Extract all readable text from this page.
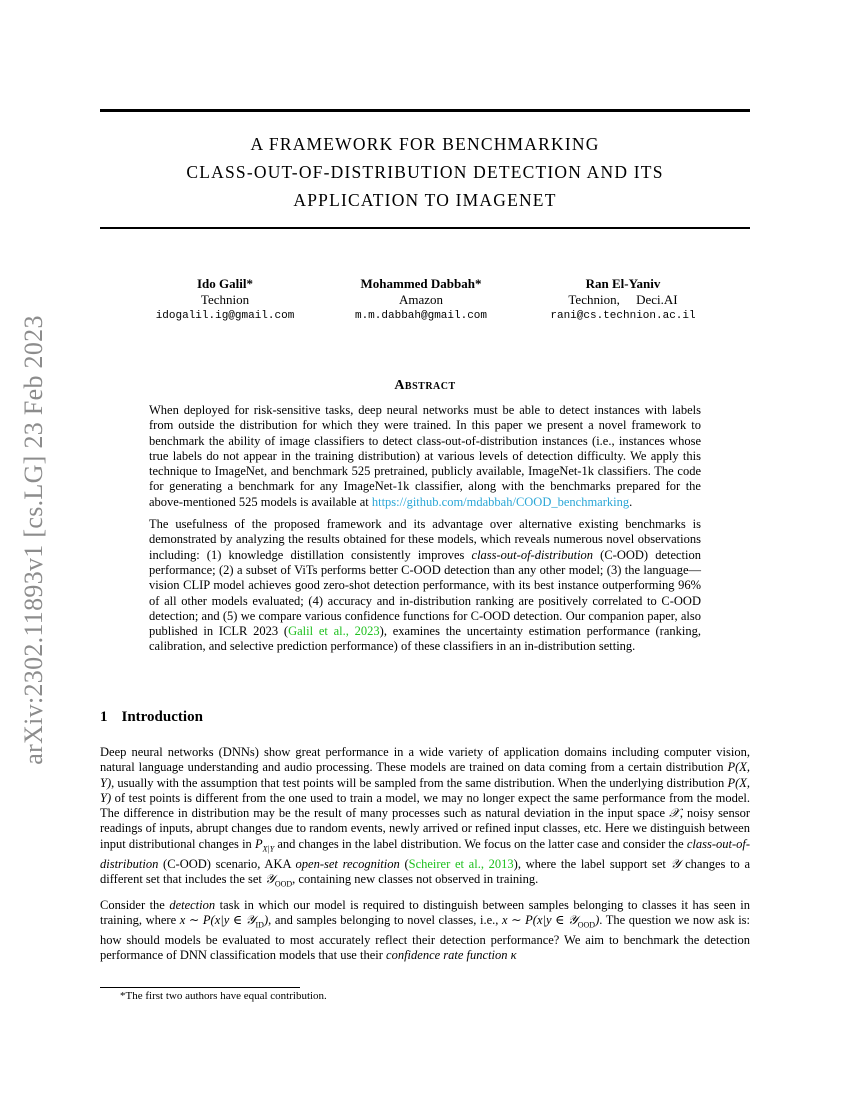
arXiv:2302.11893v1 [cs.LG] 23 Feb 2023
A FRAMEWORK FOR BENCHMARKING
CLASS-OUT-OF-DISTRIBUTION DETECTION AND ITS
APPLICATION TO IMAGENET
Ido Galil*
Technion
idogalil.ig@gmail.com
Mohammed Dabbah*
Amazon
m.m.dabbah@gmail.com
Ran El-Yaniv
Technion,     Deci.AI
rani@cs.technion.ac.il
Abstract

When deployed for risk-sensitive tasks, deep neural networks must be able to detect instances with labels from outside the distribution for which they were trained. In this paper we present a novel framework to benchmark the ability of image classifiers to detect class-out-of-distribution instances (i.e., instances whose true labels do not appear in the training distribution) at various levels of detection difficulty. We apply this technique to ImageNet, and benchmark 525 pretrained, publicly available, ImageNet-1k classifiers. The code for generating a benchmark for any ImageNet-1k classifier, along with the benchmarks prepared for the above-mentioned 525 models is available at https://github.com/mdabbah/COOD_benchmarking.

The usefulness of the proposed framework and its advantage over alternative existing benchmarks is demonstrated by analyzing the results obtained for these models, which reveals numerous novel observations including: (1) knowledge distillation consistently improves class-out-of-distribution (C-OOD) detection performance; (2) a subset of ViTs performs better C-OOD detection than any other model; (3) the language—vision CLIP model achieves good zero-shot detection performance, with its best instance outperforming 96% of all other models evaluated; (4) accuracy and in-distribution ranking are positively correlated to C-OOD detection; and (5) we compare various confidence functions for C-OOD detection. Our companion paper, also published in ICLR 2023 (Galil et al., 2023), examines the uncertainty estimation performance (ranking, calibration, and selective prediction performance) of these classifiers in an in-distribution setting.

1 Introduction

Deep neural networks (DNNs) show great performance in a wide variety of application domains including computer vision, natural language understanding and audio processing. These models are trained on data coming from a certain distribution P(X, Y), usually with the assumption that test points will be sampled from the same distribution. When the underlying distribution P(X, Y) of test points is different from the one used to train a model, we may no longer expect the same performance from the model. The difference in distribution may be the result of many processes such as natural deviation in the input space 𝒳, noisy sensor readings of inputs, abrupt changes due to random events, newly arrived or refined input classes, etc. Here we distinguish between input distributional changes in $P_{X|Y}$ and changes in the label distribution. We focus on the latter case and consider the class-out-of-distribution (C-OOD) scenario, AKA open-set recognition (Scheirer et al., 2013), where the label support set 𝒴 changes to a different set that includes the set 𝒴$_{OOD}$, containing new classes not observed in training.

Consider the detection task in which our model is required to distinguish between samples belonging to classes it has seen in training, where x ∼ P(x|y ∈ 𝒴$_{ID}$), and samples belonging to novel classes, i.e., x ∼ P(x|y ∈ 𝒴$_{OOD}$). The question we now ask is: how should models be evaluated to most accurately reflect their detection performance? We aim to benchmark the detection performance of DNN classification models that use their confidence rate function κ

*The first two authors have equal contribution.
